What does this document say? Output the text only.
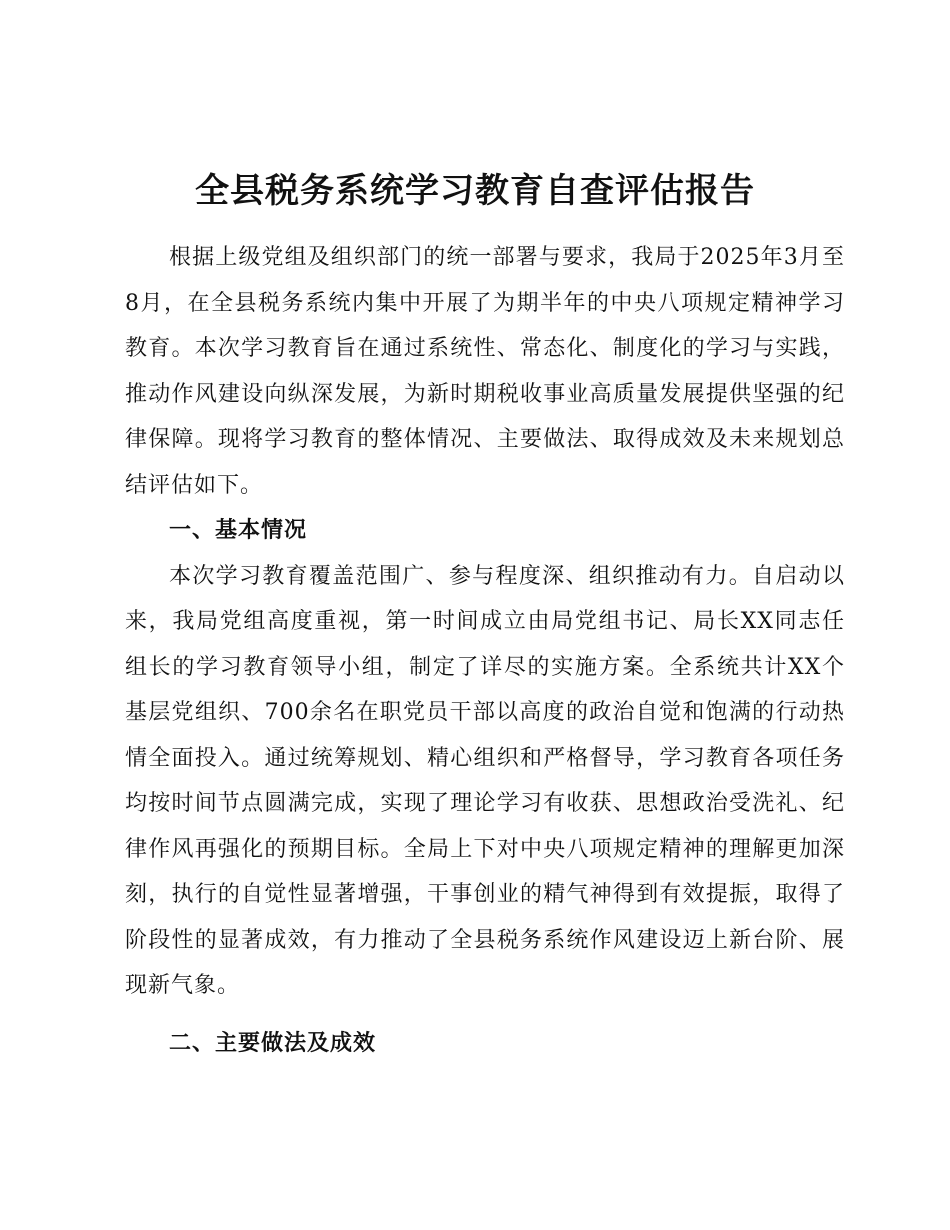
全县税务系统学习教育自查评估报告

根据上级党组及组织部门的统一部署与要求，我局于2025年3月至8月，在全县税务系统内集中开展了为期半年的中央八项规定精神学习教育。本次学习教育旨在通过系统性、常态化、制度化的学习与实践，推动作风建设向纵深发展，为新时期税收事业高质量发展提供坚强的纪律保障。现将学习教育的整体情况、主要做法、取得成效及未来规划总结评估如下。

一、基本情况

本次学习教育覆盖范围广、参与程度深、组织推动有力。自启动以来，我局党组高度重视，第一时间成立由局党组书记、局长XX同志任组长的学习教育领导小组，制定了详尽的实施方案。全系统共计XX个基层党组织、700余名在职党员干部以高度的政治自觉和饱满的行动热情全面投入。通过统筹规划、精心组织和严格督导，学习教育各项任务均按时间节点圆满完成，实现了理论学习有收获、思想政治受洗礼、纪律作风再强化的预期目标。全局上下对中央八项规定精神的理解更加深刻，执行的自觉性显著增强，干事创业的精气神得到有效提振，取得了阶段性的显著成效，有力推动了全县税务系统作风建设迈上新台阶、展现新气象。

二、主要做法及成效
